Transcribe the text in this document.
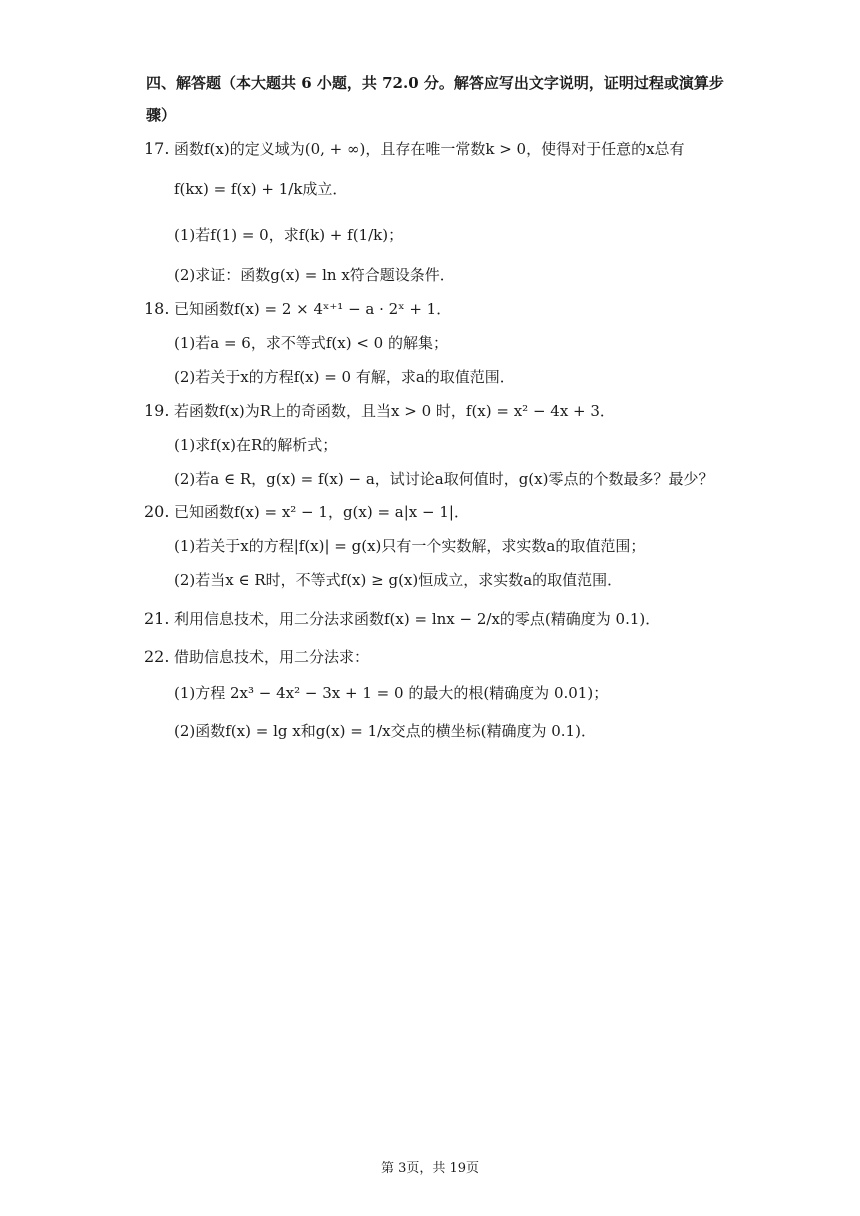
四、解答题（本大题共 6 小题，共 72.0 分。解答应写出文字说明，证明过程或演算步
骤）
17. 函数f(x)的定义域为(0, + ∞)，且存在唯一常数k > 0，使得对于任意的x总有
f(kx) = f(x) + 1/k成立．
(1)若f(1) = 0，求f(k) + f(1/k)；
(2)求证：函数g(x) = ln x符合题设条件．
18. 已知函数f(x) = 2 × 4ˣ⁺¹ − a · 2ˣ + 1．
(1)若a = 6，求不等式f(x) < 0 的解集；
(2)若关于x的方程f(x) = 0 有解，求a的取值范围．
19. 若函数f(x)为R上的奇函数，且当x > 0 时，f(x) = x² − 4x + 3．
(1)求f(x)在R的解析式；
(2)若a ∈ R，g(x) = f(x) − a，试讨论a取何值时，g(x)零点的个数最多？最少？
20. 已知函数f(x) = x² − 1，g(x) = a|x − 1|．
(1)若关于x的方程|f(x)| = g(x)只有一个实数解，求实数a的取值范围；
(2)若当x ∈ R时，不等式f(x) ≥ g(x)恒成立，求实数a的取值范围．
21. 利用信息技术，用二分法求函数f(x) = lnx − 2/x的零点(精确度为 0.1)．
22. 借助信息技术，用二分法求：
(1)方程 2x³ − 4x² − 3x + 1 = 0 的最大的根(精确度为 0.01)；
(2)函数f(x) = lg x和g(x) = 1/x交点的横坐标(精确度为 0.1)．
第 3页，共 19页
